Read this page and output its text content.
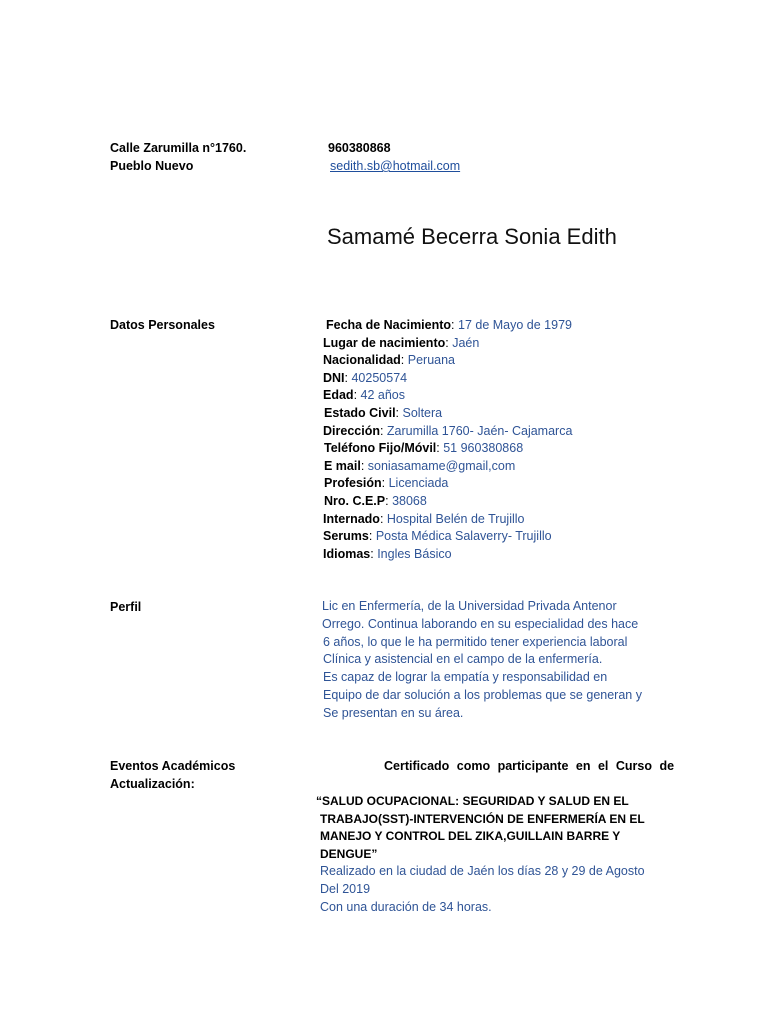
Calle Zarumilla n°1760.
Pueblo Nuevo
960380868
sedith.sb@hotmail.com
Samamé Becerra Sonia Edith
Datos Personales	Fecha de Nacimiento: 17 de Mayo de 1979
Lugar de nacimiento: Jaén
Nacionalidad: Peruana
DNI: 40250574
Edad: 42 años
Estado Civil: Soltera
Dirección: Zarumilla 1760- Jaén- Cajamarca
Teléfono Fijo/Móvil: 51 960380868
E mail: soniasamame@gmail,com
Profesión: Licenciada
Nro. C.E.P: 38068
Internado: Hospital Belén de Trujillo
Serums: Posta Médica Salaverry- Trujillo
Idiomas: Ingles Básico
Perfil	Lic en Enfermería, de la Universidad Privada Antenor
Orrego. Continua laborando en su especialidad des hace
6 años, lo que le ha permitido tener experiencia laboral
Clínica y asistencial en el campo de la enfermería.
Es capaz de lograr la empatía y responsabilidad en
Equipo de dar solución a los problemas que se generan y
Se presentan en su área.
Eventos Académicos
Actualización:
Certificado como participante en el Curso de
“SALUD OCUPACIONAL: SEGURIDAD Y SALUD EN EL
TRABAJO(SST)-INTERVENCIÓN DE ENFERMERÍA EN EL
MANEJO Y CONTROL DEL ZIKA,GUILLAIN BARRE Y
DENGUE”
Realizado en la ciudad de Jaén los días 28 y 29 de Agosto
Del 2019
Con una duración de 34 horas.
